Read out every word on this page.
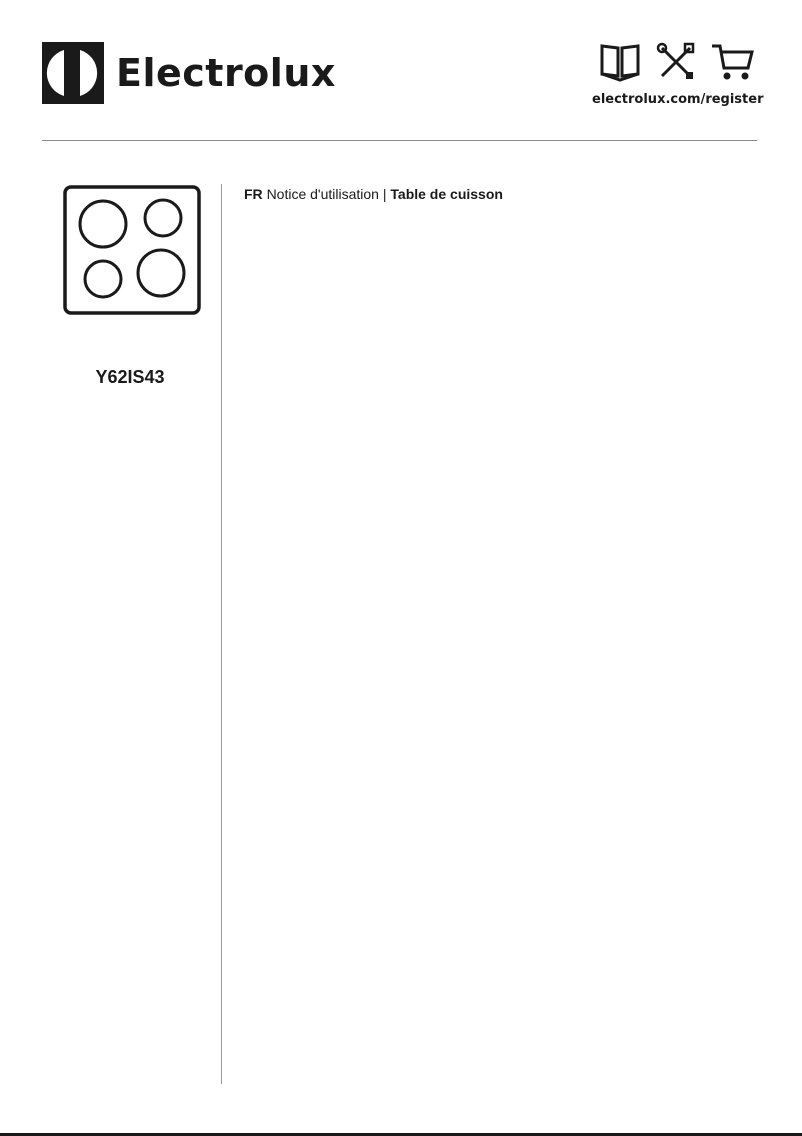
Electrolux
electrolux.com/register
Y62IS43
FR Notice d'utilisation | Table de cuisson
